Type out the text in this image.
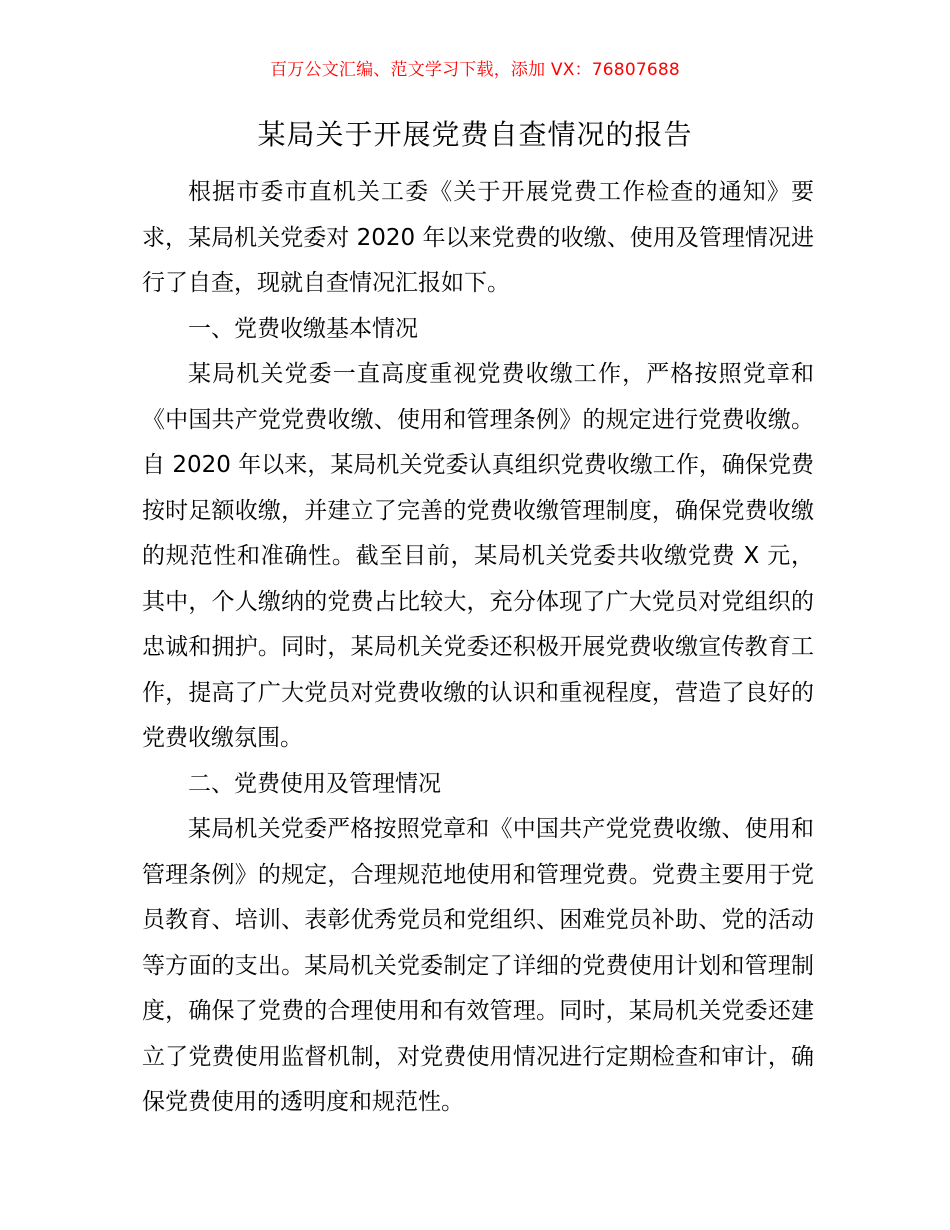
百万公文汇编、范文学习下载，添加 VX：76807688
某局关于开展党费自查情况的报告

根据市委市直机关工委《关于开展党费工作检查的通知》要求，某局机关党委对 2020 年以来党费的收缴、使用及管理情况进行了自查，现就自查情况汇报如下。

一、党费收缴基本情况

某局机关党委一直高度重视党费收缴工作，严格按照党章和《中国共产党党费收缴、使用和管理条例》的规定进行党费收缴。自 2020 年以来，某局机关党委认真组织党费收缴工作，确保党费按时足额收缴，并建立了完善的党费收缴管理制度，确保党费收缴的规范性和准确性。截至目前，某局机关党委共收缴党费 X 元，其中，个人缴纳的党费占比较大，充分体现了广大党员对党组织的忠诚和拥护。同时，某局机关党委还积极开展党费收缴宣传教育工作，提高了广大党员对党费收缴的认识和重视程度，营造了良好的党费收缴氛围。

二、党费使用及管理情况

某局机关党委严格按照党章和《中国共产党党费收缴、使用和管理条例》的规定，合理规范地使用和管理党费。党费主要用于党员教育、培训、表彰优秀党员和党组织、困难党员补助、党的活动等方面的支出。某局机关党委制定了详细的党费使用计划和管理制度，确保了党费的合理使用和有效管理。同时，某局机关党委还建立了党费使用监督机制，对党费使用情况进行定期检查和审计，确保党费使用的透明度和规范性。
